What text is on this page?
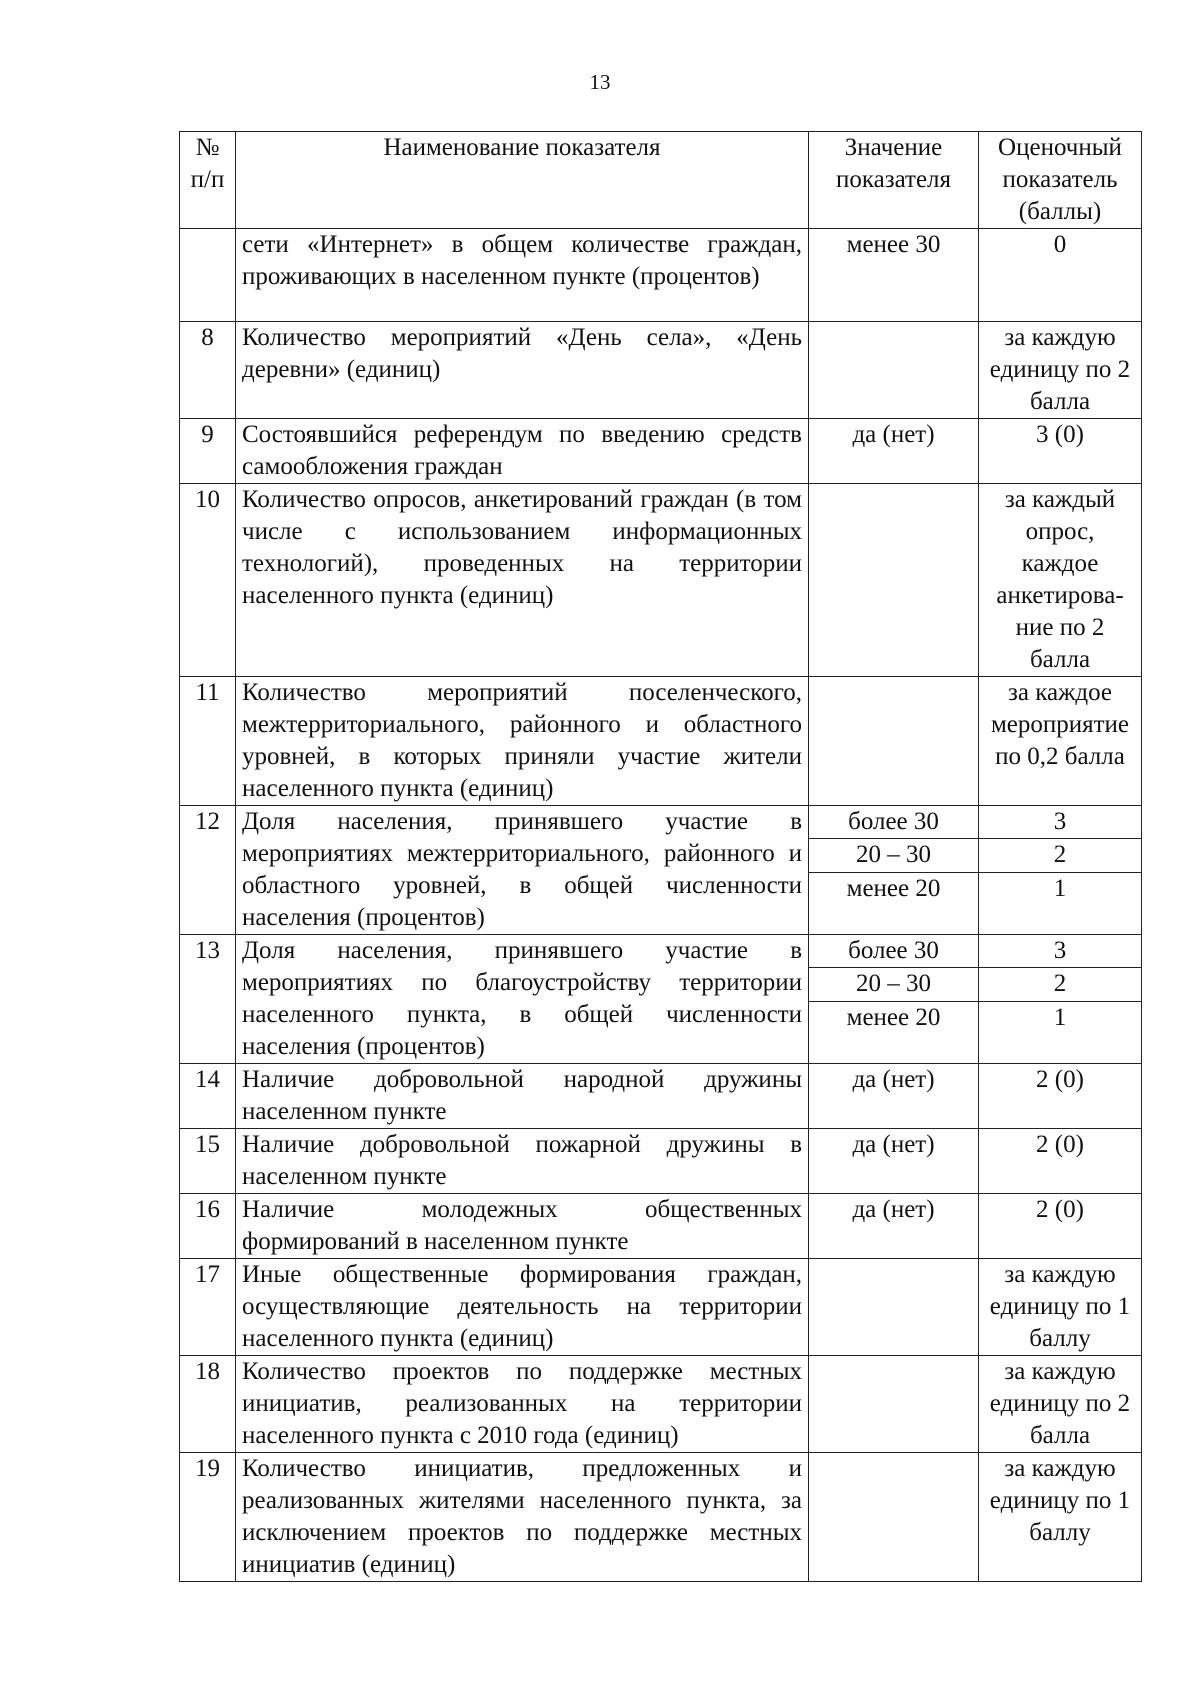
13
№ п/п	Наименование показателя	Значение показателя	Оценочный показатель (баллы)
	сети «Интернет» в общем количестве граждан, проживающих в населенном пункте (процентов)	менее 30	0
8	Количество мероприятий «День села», «День деревни» (единиц)		за каждую единицу по 2 балла
9	Состоявшийся референдум по введению средств самообложения граждан	да (нет)	3 (0)
10	Количество опросов, анкетирований граждан (в том числе с использованием информационных технологий), проведенных на территории населенного пункта (единиц)		за каждый опрос, каждое анкетирова-ние по 2 балла
11	Количество мероприятий поселенческого, межтерриториального, районного и областного уровней, в которых приняли участие жители населенного пункта (единиц)		за каждое мероприятие по 0,2 балла
12	Доля населения, принявшего участие в мероприятиях межтерриториального, районного и областного уровней, в общей численности населения (процентов)	более 30	3
		20 – 30	2
		менее 20	1
13	Доля населения, принявшего участие в мероприятиях по благоустройству территории населенного пункта, в общей численности населения (процентов)	более 30	3
		20 – 30	2
		менее 20	1
14	Наличие добровольной народной дружины населенном пункте	да (нет)	2 (0)
15	Наличие добровольной пожарной дружины в населенном пункте	да (нет)	2 (0)
16	Наличие молодежных общественных формирований в населенном пункте	да (нет)	2 (0)
17	Иные общественные формирования граждан, осуществляющие деятельность на территории населенного пункта (единиц)		за каждую единицу по 1 баллу
18	Количество проектов по поддержке местных инициатив, реализованных на территории населенного пункта с 2010 года (единиц)		за каждую единицу по 2 балла
19	Количество инициатив, предложенных и реализованных жителями населенного пункта, за исключением проектов по поддержке местных инициатив (единиц)		за каждую единицу по 1 баллу
